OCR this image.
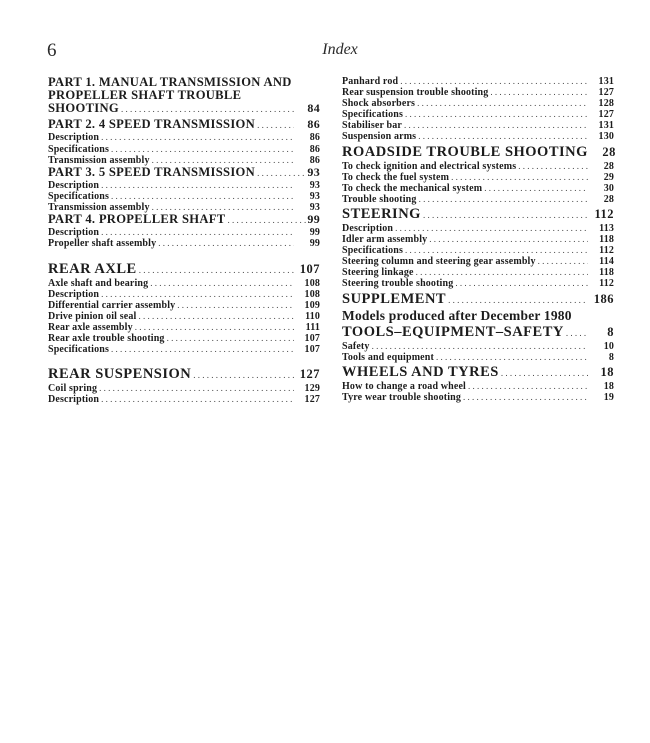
6	Index
PART 1. MANUAL TRANSMISSION AND
PROPELLER SHAFT TROUBLE
SHOOTING . . .	84
PART 2. 4 SPEED TRANSMISSION . . .	86
Description . . .	86
Specifications . . .	86
Transmission assembly . . .	86
PART 3. 5 SPEED TRANSMISSION . . .	93
Description . . .	93
Specifications . . .	93
Transmission assembly . . .	93
PART 4. PROPELLER SHAFT . . .	99
Description . . .	99
Propeller shaft assembly . . .	99
REAR AXLE . . .	107
Axle shaft and bearing . . .	108
Description . . .	108
Differential carrier assembly . . .	109
Drive pinion oil seal . . .	110
Rear axle assembly . . .	111
Rear axle trouble shooting . . .	107
Specifications . . .	107
REAR SUSPENSION . . .	127
Coil spring . . .	129
Description . . .	127
Panhard rod . . .	131
Rear suspension trouble shooting . . .	127
Shock absorbers . . .	128
Specifications . . .	127
Stabiliser bar . . .	131
Suspension arms . . .	130
ROADSIDE TROUBLE SHOOTING	28
To check ignition and electrical systems . . .	28
To check the fuel system . . .	29
To check the mechanical system . . .	30
Trouble shooting . . .	28
STEERING . . .	112
Description . . .	113
Idler arm assembly . . .	118
Specifications . . .	112
Steering column and steering gear assembly . . .	114
Steering linkage . . .	118
Steering trouble shooting . . .	112
SUPPLEMENT . . .	186
Models produced after December 1980
TOOLS–EQUIPMENT–SAFETY . . .	8
Safety . . .	10
Tools and equipment . . .	8
WHEELS AND TYRES . . .	18
How to change a road wheel . . .	18
Tyre wear trouble shooting . . .	19
